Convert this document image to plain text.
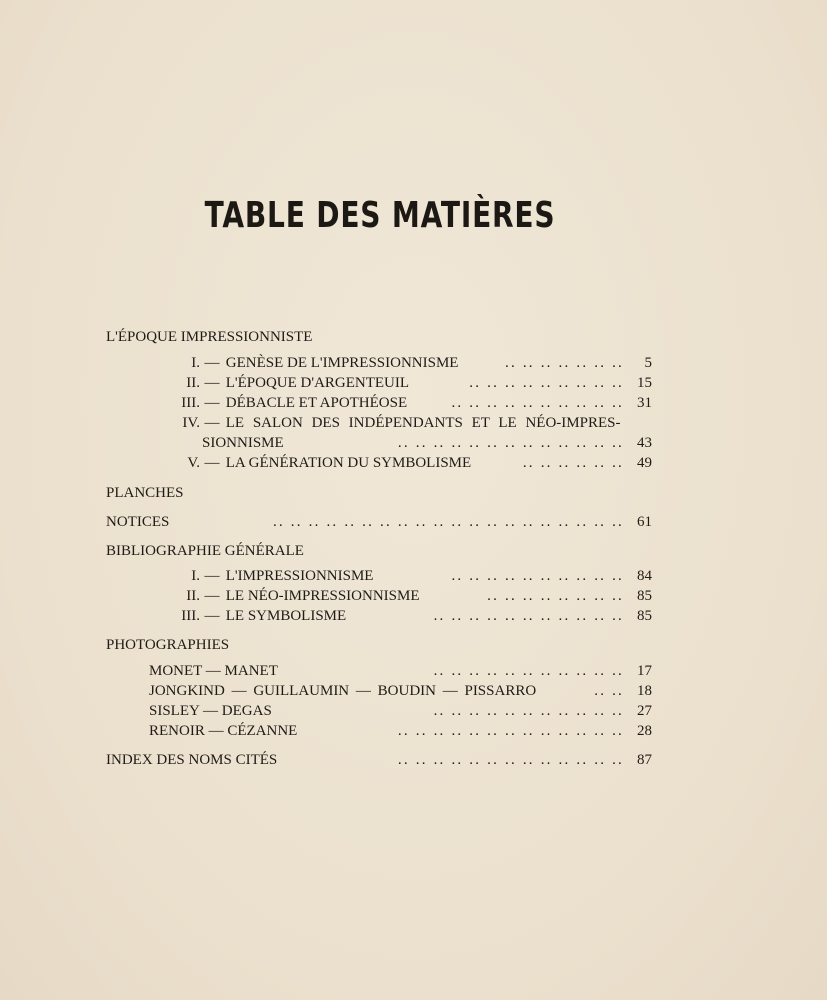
TABLE DES MATIÈRES
L'ÉPOQUE IMPRESSIONNISTE
I. — GENÈSE DE L'IMPRESSIONNISME	.. .. .. .. .. .. ..	5
II. — L'ÉPOQUE D'ARGENTEUIL	.. .. .. .. .. .. .. .. .. 15
III. — DÉBACLE ET APOTHÉOSE	.. .. .. .. .. .. .. .. .. .. 31
IV. — LE SALON DES INDÉPENDANTS ET LE NÉO-IMPRES-
SIONNISME	.. .. .. .. .. .. .. .. .. .. .. .. .. 43
V. — LA GÉNÉRATION DU SYMBOLISME	.. .. .. .. .. .. 49
PLANCHES
NOTICES	.. .. .. .. .. .. .. .. .. .. .. .. .. .. .. .. .. .. .. .. 61
BIBLIOGRAPHIE GÉNÉRALE
I. — L'IMPRESSIONNISME	.. .. .. .. .. .. .. .. .. .. 84
II. — LE NÉO-IMPRESSIONNISME	.. .. .. .. .. .. .. .. 85
III. — LE SYMBOLISME	.. .. .. .. .. .. .. .. .. .. .. 85
PHOTOGRAPHIES
MONET — MANET	.. .. .. .. .. .. .. .. .. .. .. 17
JONGKIND — GUILLAUMIN — BOUDIN — PISSARRO	.. .. 18
SISLEY — DEGAS	.. .. .. .. .. .. .. .. .. .. .. 27
RENOIR — CÉZANNE	.. .. .. .. .. .. .. .. .. .. .. .. .. 28
INDEX DES NOMS CITÉS	.. .. .. .. .. .. .. .. .. .. .. .. .. 87
